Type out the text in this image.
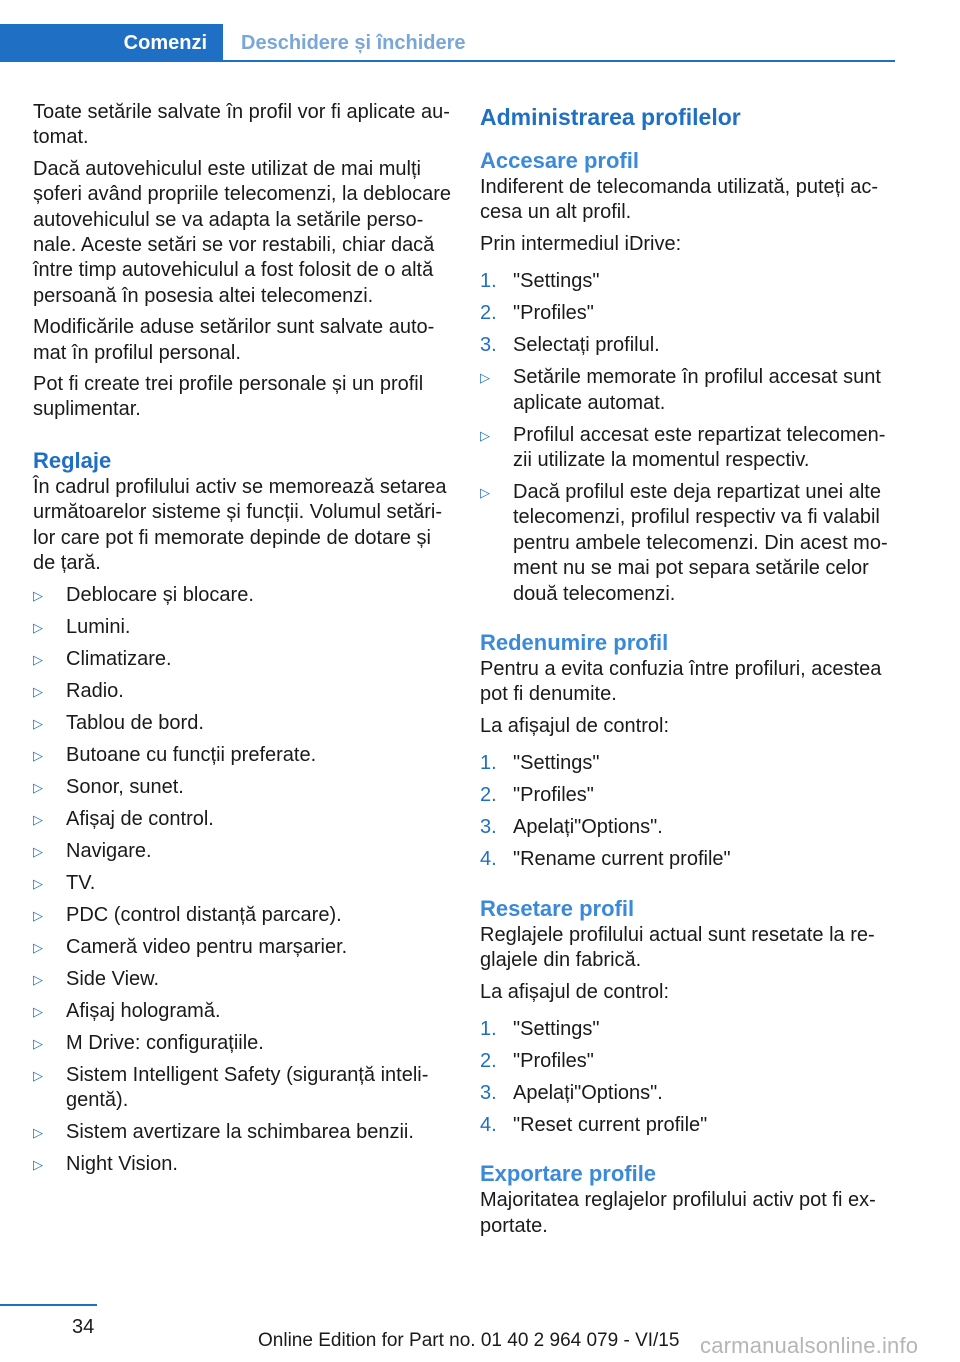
Comenzi	Deschidere și închidere

Toate setările salvate în profil vor fi aplicate au‐tomat.

Dacă autovehiculul este utilizat de mai mulți șoferi având propriile telecomenzi, la deblocare autovehiculul se va adapta la setările perso‐nale. Aceste setări se vor restabili, chiar dacă între timp autovehiculul a fost folosit de o altă persoană în posesia altei telecomenzi.

Modificările aduse setărilor sunt salvate auto‐mat în profilul personal.

Pot fi create trei profile personale și un profil suplimentar.

Reglaje

În cadrul profilului activ se memorează setarea următoarelor sisteme și funcții. Volumul setări‐lor care pot fi memorate depinde de dotare și de țară.

▷ Deblocare și blocare.
▷ Lumini.
▷ Climatizare.
▷ Radio.
▷ Tablou de bord.
▷ Butoane cu funcții preferate.
▷ Sonor, sunet.
▷ Afișaj de control.
▷ Navigare.
▷ TV.
▷ PDC (control distanță parcare).
▷ Cameră video pentru marșarier.
▷ Side View.
▷ Afișaj hologramă.
▷ M Drive: configurațiile.
▷ Sistem Intelligent Safety (siguranță inteli‐gentă).
▷ Sistem avertizare la schimbarea benzii.
▷ Night Vision.
Administrarea profilelor
Accesare profil

Indiferent de telecomanda utilizată, puteți ac‐cesa un alt profil.

Prin intermediul iDrive:

1. "Settings"
2. "Profiles"
3. Selectați profilul.
▷ Setările memorate în profilul accesat sunt aplicate automat.
▷ Profilul accesat este repartizat telecomen‐zii utilizate la momentul respectiv.
▷ Dacă profilul este deja repartizat unei alte telecomenzi, profilul respectiv va fi valabil pentru ambele telecomenzi. Din acest mo‐ment nu se mai pot separa setările celor două telecomenzi.
Redenumire profil

Pentru a evita confuzia între profiluri, acestea pot fi denumite.

La afișajul de control:

1. "Settings"
2. "Profiles"
3. Apelați"Options".
4. "Rename current profile"
Resetare profil

Reglajele profilului actual sunt resetate la re‐glajele din fabrică.

La afișajul de control:

1. "Settings"
2. "Profiles"
3. Apelați"Options".
4. "Reset current profile"
Exportare profile

Majoritatea reglajelor profilului activ pot fi ex‐portate.

34
Online Edition for Part no. 01 40 2 964 079 - VI/15 carmanualsonline.info
